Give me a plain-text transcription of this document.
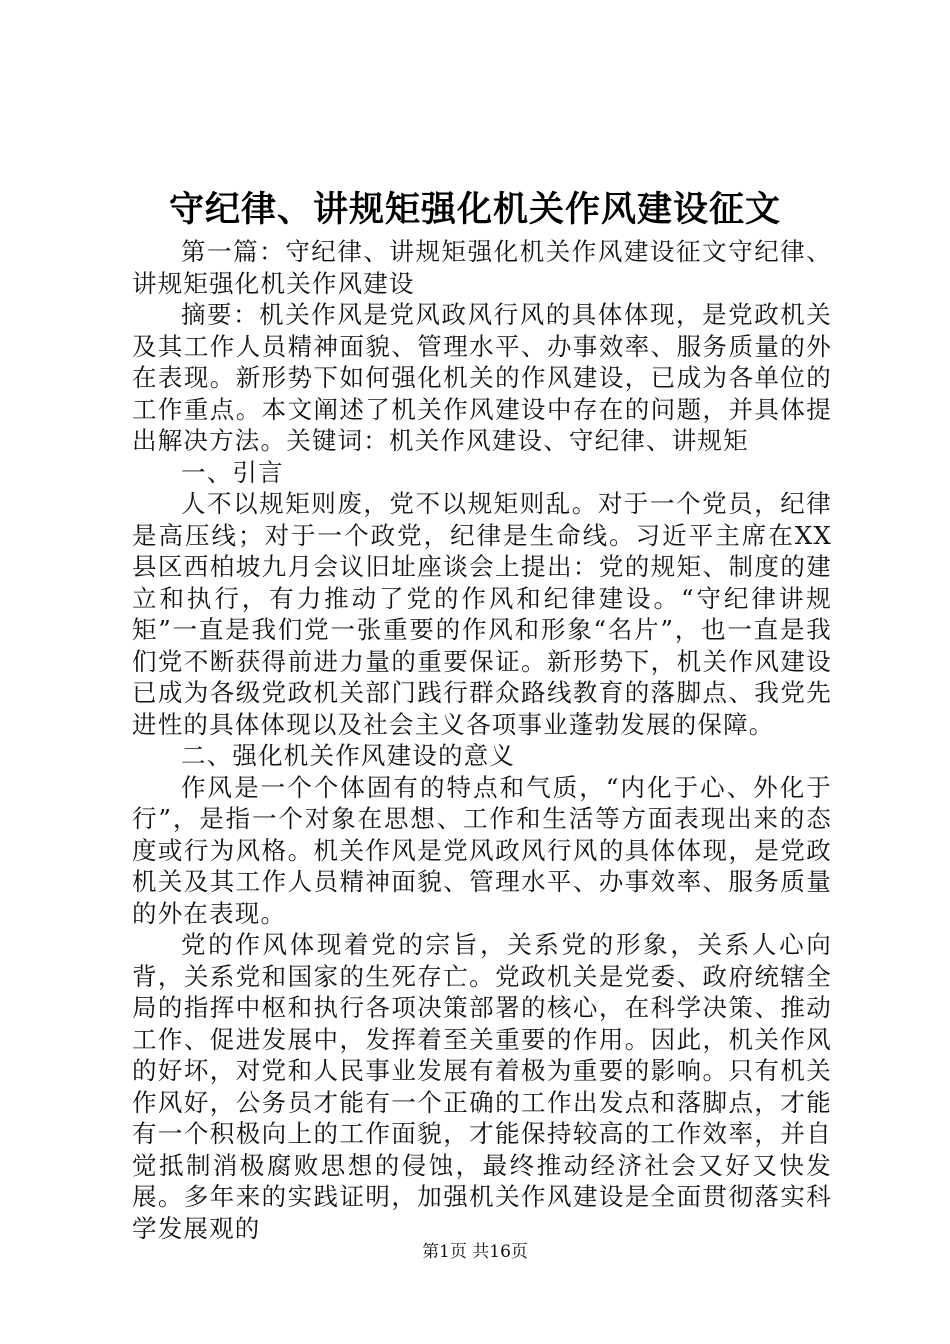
守纪律、讲规矩强化机关作风建设征文

第一篇：守纪律、讲规矩强化机关作风建设征文守纪律、讲规矩强化机关作风建设

摘要：机关作风是党风政风行风的具体体现，是党政机关及其工作人员精神面貌、管理水平、办事效率、服务质量的外在表现。新形势下如何强化机关的作风建设，已成为各单位的工作重点。本文阐述了机关作风建设中存在的问题，并具体提出解决方法。关键词：机关作风建设、守纪律、讲规矩

一、引言

人不以规矩则废，党不以规矩则乱。对于一个党员，纪律是高压线；对于一个政党，纪律是生命线。习近平主席在XX县区西柏坡九月会议旧址座谈会上提出：党的规矩、制度的建立和执行，有力推动了党的作风和纪律建设。“守纪律讲规矩”一直是我们党一张重要的作风和形象“名片”，也一直是我们党不断获得前进力量的重要保证。新形势下，机关作风建设已成为各级党政机关部门践行群众路线教育的落脚点、我党先进性的具体体现以及社会主义各项事业蓬勃发展的保障。

二、强化机关作风建设的意义

作风是一个个体固有的特点和气质，“内化于心、外化于行”，是指一个对象在思想、工作和生活等方面表现出来的态度或行为风格。机关作风是党风政风行风的具体体现，是党政机关及其工作人员精神面貌、管理水平、办事效率、服务质量的外在表现。

党的作风体现着党的宗旨，关系党的形象，关系人心向背，关系党和国家的生死存亡。党政机关是党委、政府统辖全局的指挥中枢和执行各项决策部署的核心，在科学决策、推动工作、促进发展中，发挥着至关重要的作用。因此，机关作风的好坏，对党和人民事业发展有着极为重要的影响。只有机关作风好，公务员才能有一个正确的工作出发点和落脚点，才能有一个积极向上的工作面貌，才能保持较高的工作效率，并自觉抵制消极腐败思想的侵蚀，最终推动经济社会又好又快发展。多年来的实践证明，加强机关作风建设是全面贯彻落实科学发展观的

第1页 共16页
